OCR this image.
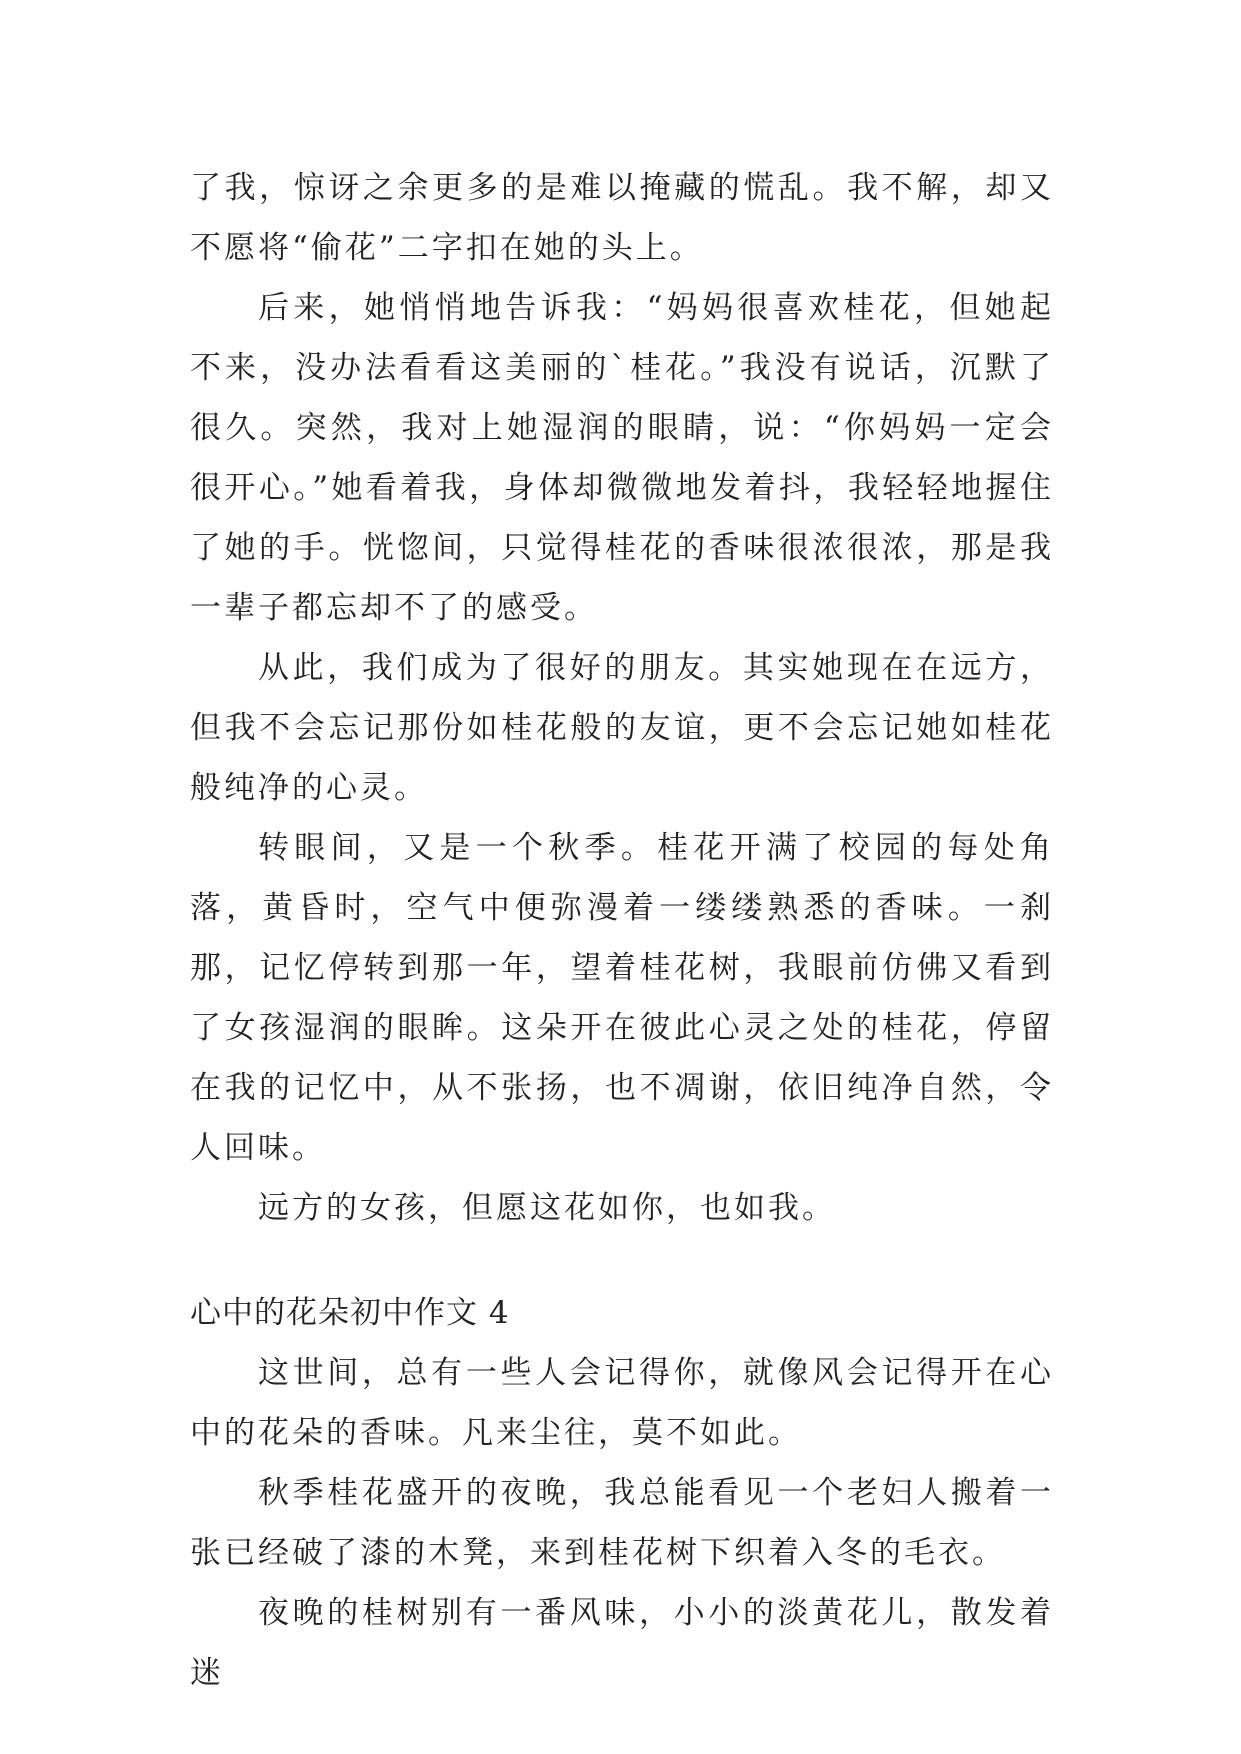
了我，惊讶之余更多的是难以掩藏的慌乱。我不解，却又不愿将“偷花”二字扣在她的头上。

后来，她悄悄地告诉我：“妈妈很喜欢桂花，但她起不来，没办法看看这美丽的`桂花。”我没有说话，沉默了很久。突然，我对上她湿润的眼睛，说：“你妈妈一定会很开心。”她看着我，身体却微微地发着抖，我轻轻地握住了她的手。恍惚间，只觉得桂花的香味很浓很浓，那是我一辈子都忘却不了的感受。

从此，我们成为了很好的朋友。其实她现在在远方，但我不会忘记那份如桂花般的友谊，更不会忘记她如桂花般纯净的心灵。

转眼间，又是一个秋季。桂花开满了校园的每处角落，黄昏时，空气中便弥漫着一缕缕熟悉的香味。一刹那，记忆停转到那一年，望着桂花树，我眼前仿佛又看到了女孩湿润的眼眸。这朵开在彼此心灵之处的桂花，停留在我的记忆中，从不张扬，也不凋谢，依旧纯净自然，令人回味。

远方的女孩，但愿这花如你，也如我。

心中的花朵初中作文 4

这世间，总有一些人会记得你，就像风会记得开在心中的花朵的香味。凡来尘往，莫不如此。

秋季桂花盛开的夜晚，我总能看见一个老妇人搬着一张已经破了漆的木凳，来到桂花树下织着入冬的毛衣。

夜晚的桂树别有一番风味，小小的淡黄花儿，散发着迷
